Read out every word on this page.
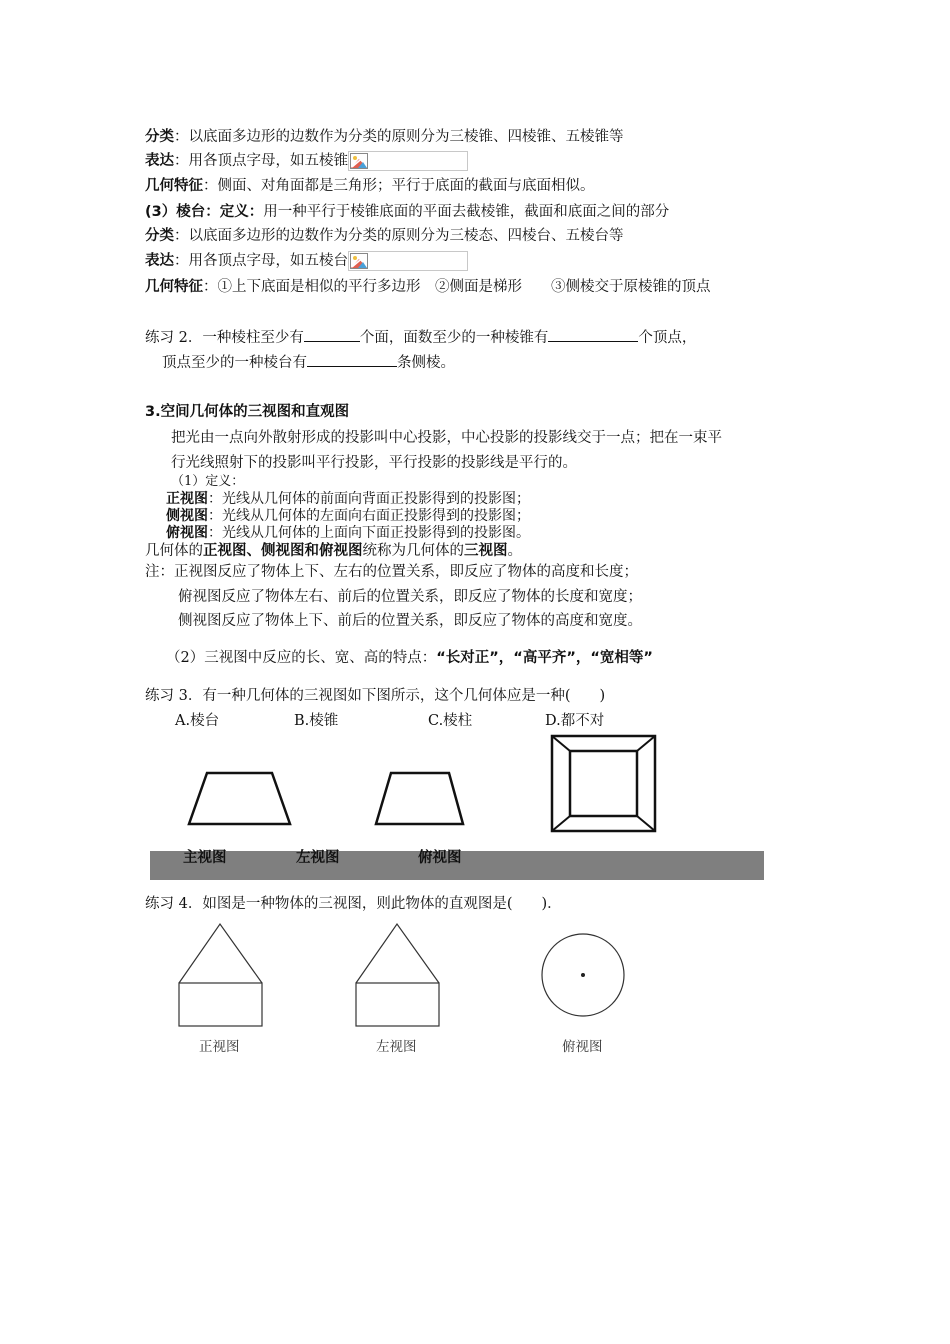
分类：以底面多边形的边数作为分类的原则分为三棱锥、四棱锥、五棱锥等
表达：用各顶点字母，如五棱锥
几何特征：侧面、对角面都是三角形；平行于底面的截面与底面相似。
(3）棱台：定义：用一种平行于棱锥底面的平面去截棱锥，截面和底面之间的部分
分类：以底面多边形的边数作为分类的原则分为三棱态、四棱台、五棱台等
表达：用各顶点字母，如五棱台
几何特征：①上下底面是相似的平行多边形　②侧面是梯形　　③侧棱交于原棱锥的顶点
练习 2．一种棱柱至少有	个面，面数至少的一种棱锥有	个顶点，
顶点至少的一种棱台有	条侧棱。
3.空间几何体的三视图和直观图
把光由一点向外散射形成的投影叫中心投影，中心投影的投影线交于一点；把在一束平
行光线照射下的投影叫平行投影，平行投影的投影线是平行的。
（1）定义：
正视图：光线从几何体的前面向背面正投影得到的投影图；
侧视图：光线从几何体的左面向右面正投影得到的投影图；
俯视图：光线从几何体的上面向下面正投影得到的投影图。
几何体的正视图、侧视图和俯视图统称为几何体的三视图。
注：正视图反应了物体上下、左右的位置关系，即反应了物体的高度和长度；
俯视图反应了物体左右、前后的位置关系，即反应了物体的长度和宽度；
侧视图反应了物体上下、前后的位置关系，即反应了物体的高度和宽度。
（2）三视图中反应的长、宽、高的特点：“长对正”，“高平齐”，“宽相等”
练习 3．有一种几何体的三视图如下图所示，这个几何体应是一种(　　)
A.棱台	B.棱锥	C.棱柱	D.都不对
主视图	左视图	俯视图
练习 4．如图是一种物体的三视图，则此物体的直观图是(　　)．
正视图	左视图	俯视图
